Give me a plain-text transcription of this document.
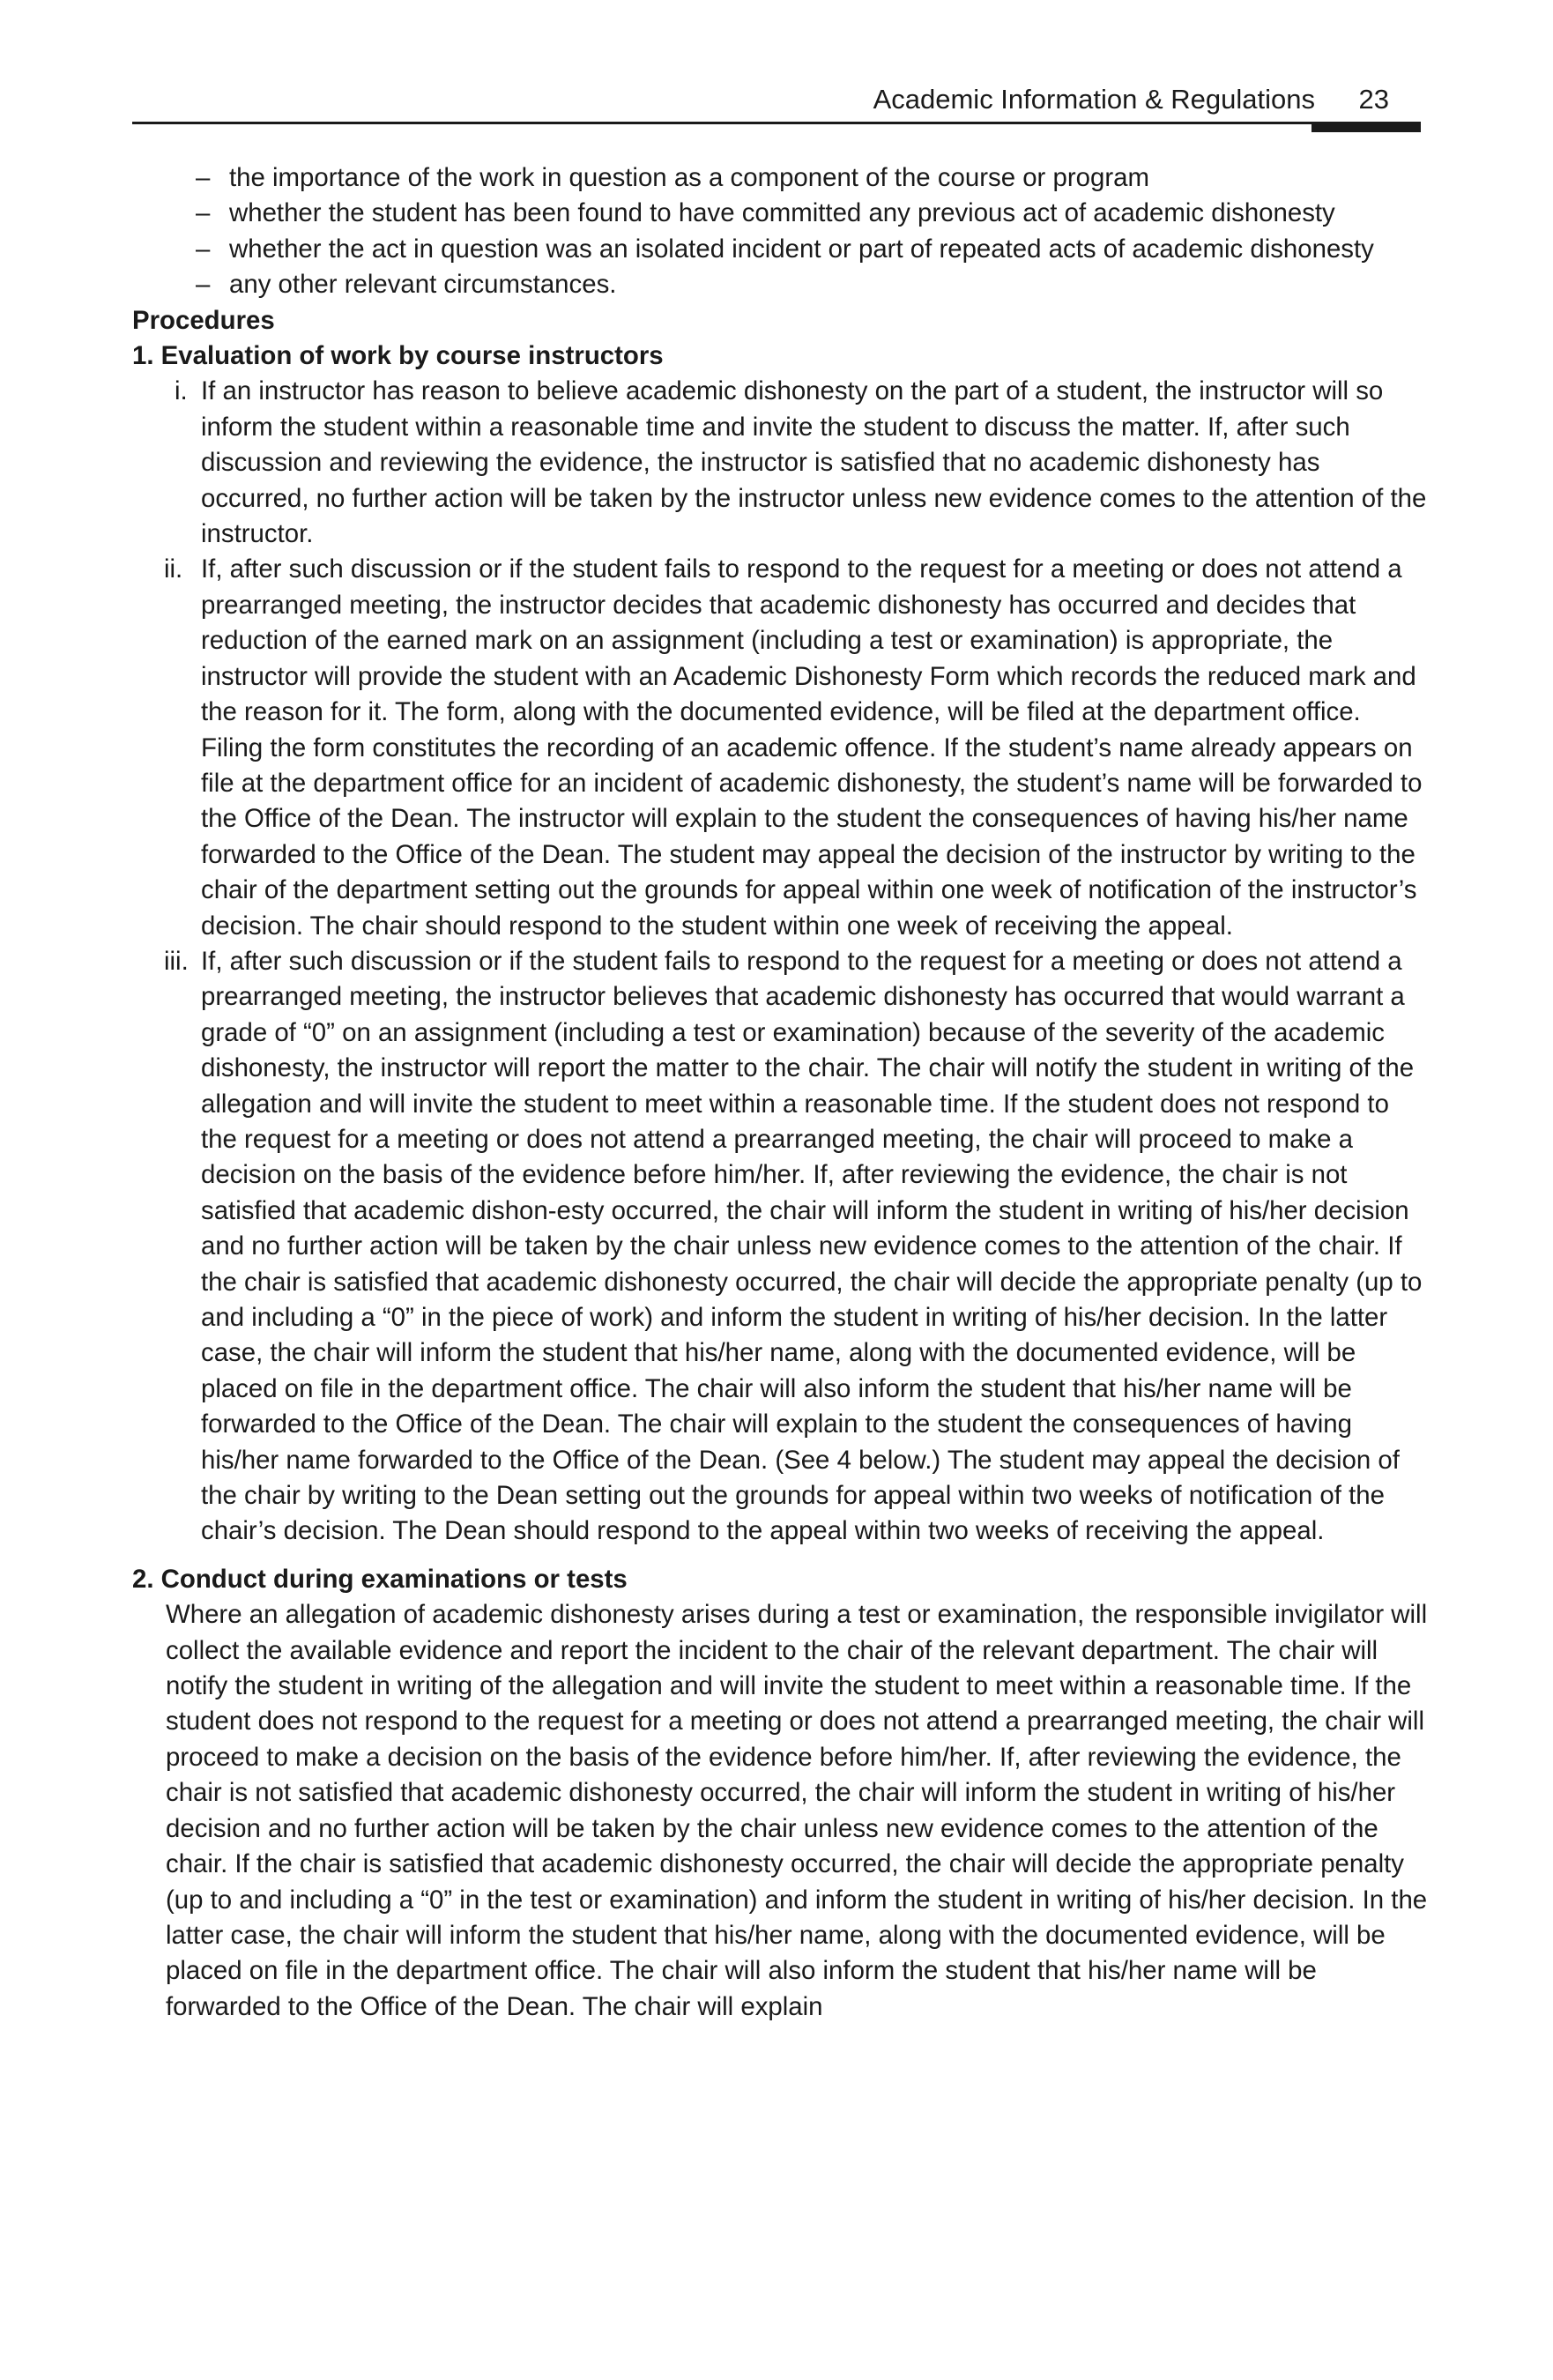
Academic Information & Regulations 23
– the importance of the work in question as a component of the course or program
– whether the student has been found to have committed any previous act of academic dishonesty
– whether the act in question was an isolated incident or part of repeated acts of academic dishonesty
– any other relevant circumstances.

Procedures

1. Evaluation of work by course instructors

i. If an instructor has reason to believe academic dishonesty on the part of a student, the instructor will so inform the student within a reasonable time and invite the student to discuss the matter. If, after such discussion and reviewing the evidence, the instructor is satisfied that no academic dishonesty has occurred, no further action will be taken by the instructor unless new evidence comes to the attention of the instructor.
ii. If, after such discussion or if the student fails to respond to the request for a meeting or does not attend a prearranged meeting, the instructor decides that academic dishonesty has occurred and decides that reduction of the earned mark on an assignment (including a test or examination) is appropriate, the instructor will provide the student with an Academic Dishonesty Form which records the reduced mark and the reason for it. The form, along with the documented evidence, will be filed at the department office. Filing the form constitutes the recording of an academic offence. If the student’s name already appears on file at the department office for an incident of academic dishonesty, the student’s name will be forwarded to the Office of the Dean. The instructor will explain to the student the consequences of having his/her name forwarded to the Office of the Dean. The student may appeal the decision of the instructor by writing to the chair of the department setting out the grounds for appeal within one week of notification of the instructor’s decision. The chair should respond to the student within one week of receiving the appeal.
iii. If, after such discussion or if the student fails to respond to the request for a meeting or does not attend a prearranged meeting, the instructor believes that academic dishonesty has occurred that would warrant a grade of “0” on an assignment (including a test or examination) because of the severity of the academic dishonesty, the instructor will report the matter to the chair. The chair will notify the student in writing of the allegation and will invite the student to meet within a reasonable time. If the student does not respond to the request for a meeting or does not attend a prearranged meeting, the chair will proceed to make a decision on the basis of the evidence before him/her. If, after reviewing the evidence, the chair is not satisfied that academic dishon-esty occurred, the chair will inform the student in writing of his/her decision and no further action will be taken by the chair unless new evidence comes to the attention of the chair. If the chair is satisfied that academic dishonesty occurred, the chair will decide the appropriate penalty (up to and including a “0” in the piece of work) and inform the student in writing of his/her decision. In the latter case, the chair will inform the student that his/her name, along with the documented evidence, will be placed on file in the department office. The chair will also inform the student that his/her name will be forwarded to the Office of the Dean. The chair will explain to the student the consequences of having his/her name forwarded to the Office of the Dean. (See 4 below.) The student may appeal the decision of the chair by writing to the Dean setting out the grounds for appeal within two weeks of notification of the chair’s decision. The Dean should respond to the appeal within two weeks of receiving the appeal.

2. Conduct during examinations or tests

Where an allegation of academic dishonesty arises during a test or examination, the responsible invigilator will collect the available evidence and report the incident to the chair of the relevant department. The chair will notify the student in writing of the allegation and will invite the student to meet within a reasonable time. If the student does not respond to the request for a meeting or does not attend a prearranged meeting, the chair will proceed to make a decision on the basis of the evidence before him/her. If, after reviewing the evidence, the chair is not satisfied that academic dishonesty occurred, the chair will inform the student in writing of his/her decision and no further action will be taken by the chair unless new evidence comes to the attention of the chair. If the chair is satisfied that academic dishonesty occurred, the chair will decide the appropriate penalty (up to and including a “0” in the test or examination) and inform the student in writing of his/her decision. In the latter case, the chair will inform the student that his/her name, along with the documented evidence, will be placed on file in the department office. The chair will also inform the student that his/her name will be forwarded to the Office of the Dean. The chair will explain
